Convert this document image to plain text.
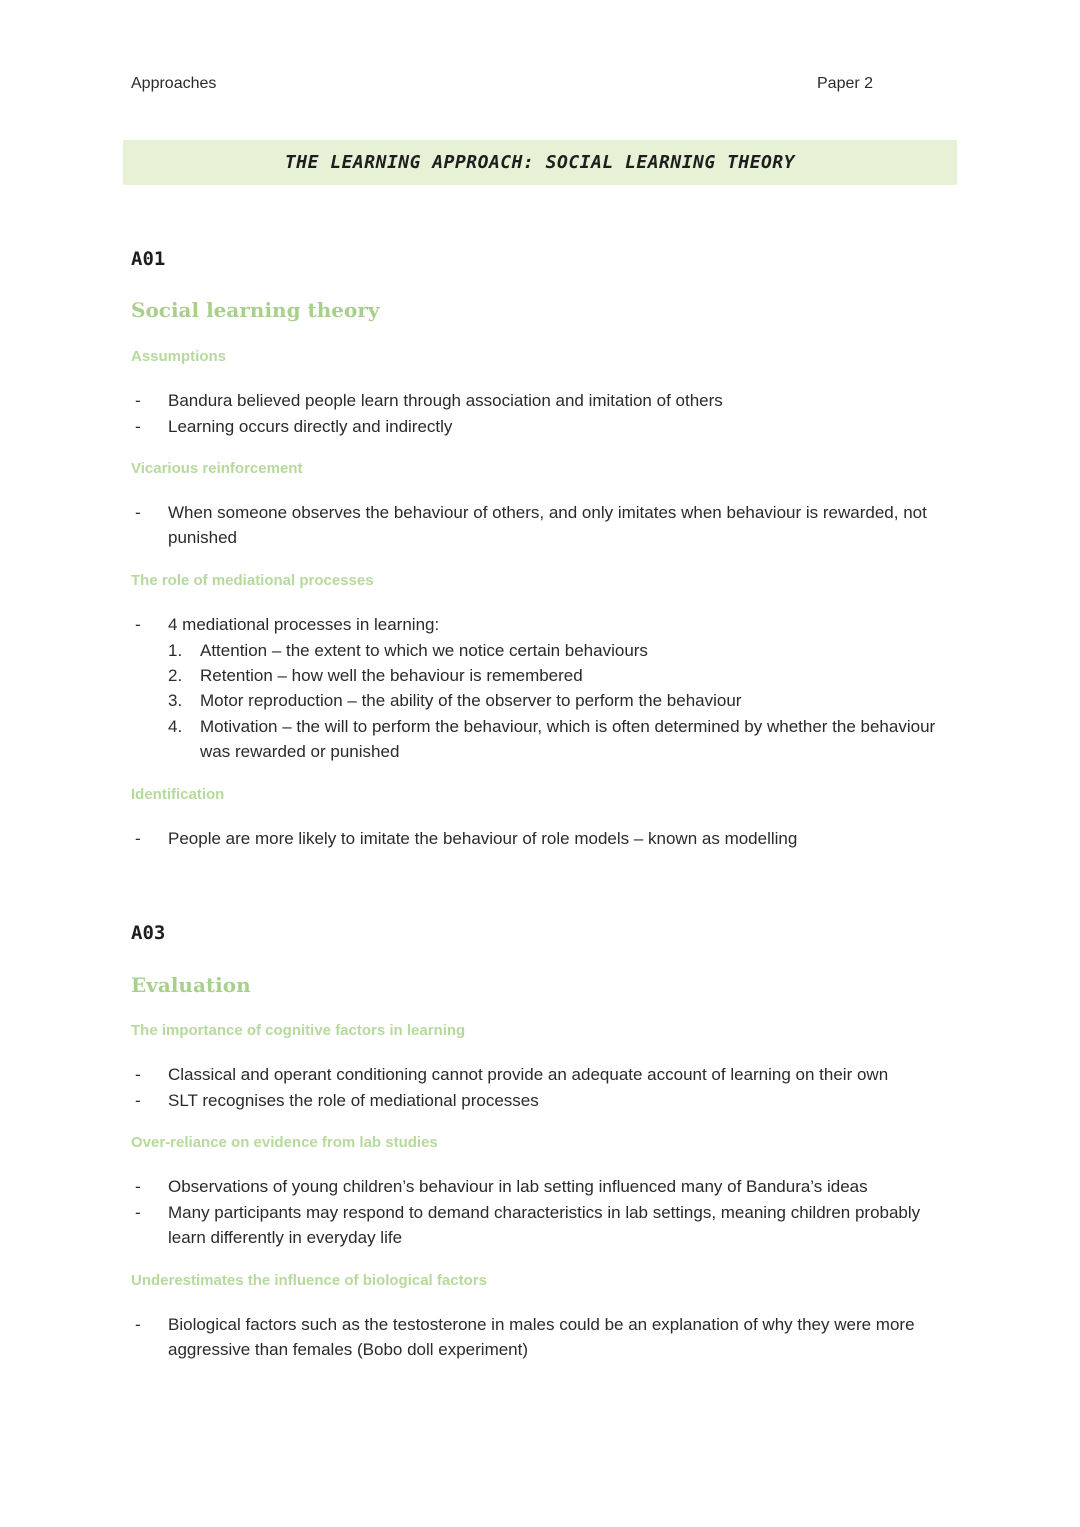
Approaches	Paper 2
THE LEARNING APPROACH: SOCIAL LEARNING THEORY
A01
Social learning theory
Assumptions
- Bandura believed people learn through association and imitation of others
- Learning occurs directly and indirectly
Vicarious reinforcement
- When someone observes the behaviour of others, and only imitates when behaviour is rewarded, not punished
The role of mediational processes
- 4 mediational processes in learning:
1. Attention – the extent to which we notice certain behaviours
2. Retention – how well the behaviour is remembered
3. Motor reproduction – the ability of the observer to perform the behaviour
4. Motivation – the will to perform the behaviour, which is often determined by whether the behaviour was rewarded or punished
Identification
- People are more likely to imitate the behaviour of role models – known as modelling
A03
Evaluation
The importance of cognitive factors in learning
- Classical and operant conditioning cannot provide an adequate account of learning on their own
- SLT recognises the role of mediational processes
Over-reliance on evidence from lab studies
- Observations of young children’s behaviour in lab setting influenced many of Bandura’s ideas
- Many participants may respond to demand characteristics in lab settings, meaning children probably learn differently in everyday life
Underestimates the influence of biological factors
- Biological factors such as the testosterone in males could be an explanation of why they were more aggressive than females (Bobo doll experiment)
